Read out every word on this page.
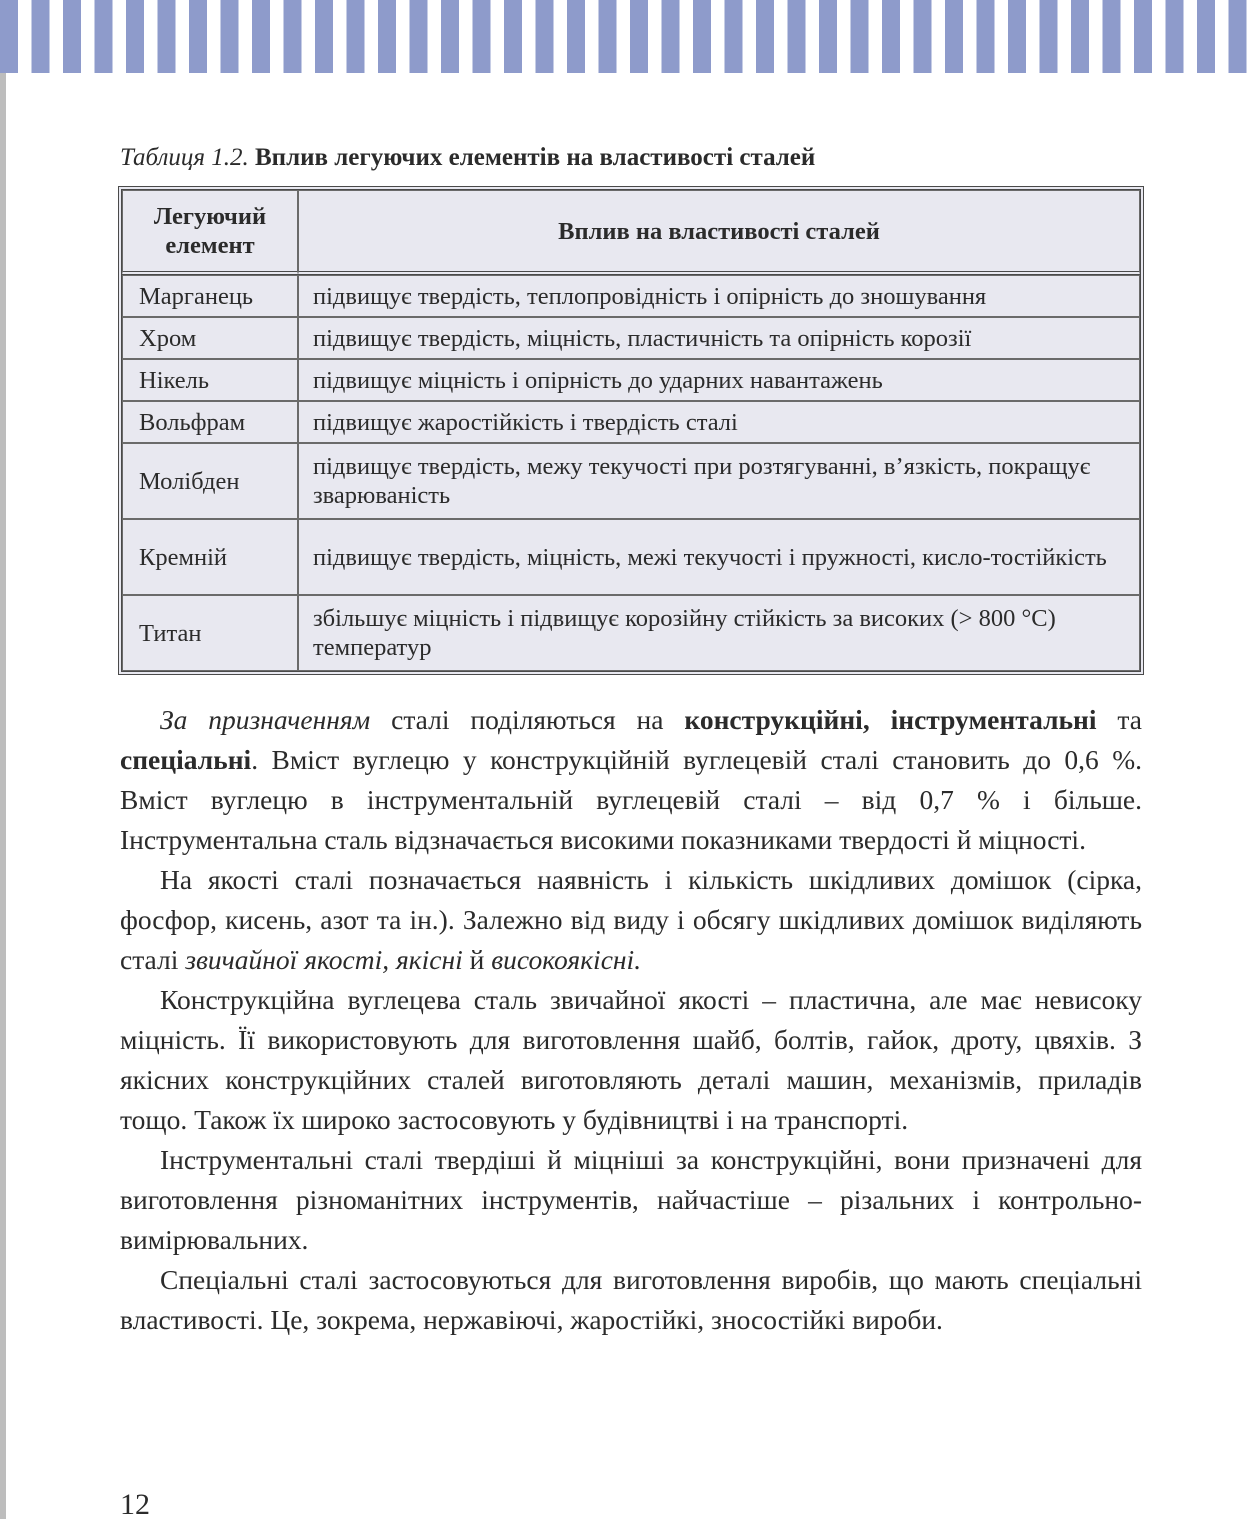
Таблиця 1.2. Вплив легуючих елементів на властивості сталей
Легуючий елемент	Вплив на властивості сталей
Марганець	підвищує твердість, теплопровідність і опірність до зношування
Хром	підвищує твердість, міцність, пластичність та опірність корозії
Нікель	підвищує міцність і опірність до ударних навантажень
Вольфрам	підвищує жаростійкість і твердість сталі
Молібден	підвищує твердість, межу текучості при розтягуванні, в’язкість, покращує зварюваність
Кремній	підвищує твердість, міцність, межі текучості і пружності, кисло-тостійкість
Титан	збільшує міцність і підвищує корозійну стійкість за високих (> 800 °С) температур

За призначенням сталі поділяються на конструкційні, інструментальні та спеціальні. Вміст вуглецю у конструкційній вуглецевій сталі становить до 0,6 %. Вміст вуглецю в інструментальній вуглецевій сталі – від 0,7 % і більше. Інструментальна сталь відзначається високими показниками твердості й міцності.

На якості сталі позначається наявність і кількість шкідливих домішок (сірка, фосфор, кисень, азот та ін.). Залежно від виду і обсягу шкідливих домішок виділяють сталі звичайної якості, якісні й високоякісні.

Конструкційна вуглецева сталь звичайної якості – пластична, але має невисоку міцність. Її використовують для виготовлення шайб, болтів, гайок, дроту, цвяхів. З якісних конструкційних сталей виготовляють деталі машин, механізмів, приладів тощо. Також їх широко застосовують у будівництві і на транспорті.

Інструментальні сталі твердіші й міцніші за конструкційні, вони призначені для виготовлення різноманітних інструментів, найчастіше – різальних і контрольно-вимірювальних.

Спеціальні сталі застосовуються для виготовлення виробів, що мають спеціальні властивості. Це, зокрема, нержавіючі, жаростійкі, зносостійкі вироби.

12
